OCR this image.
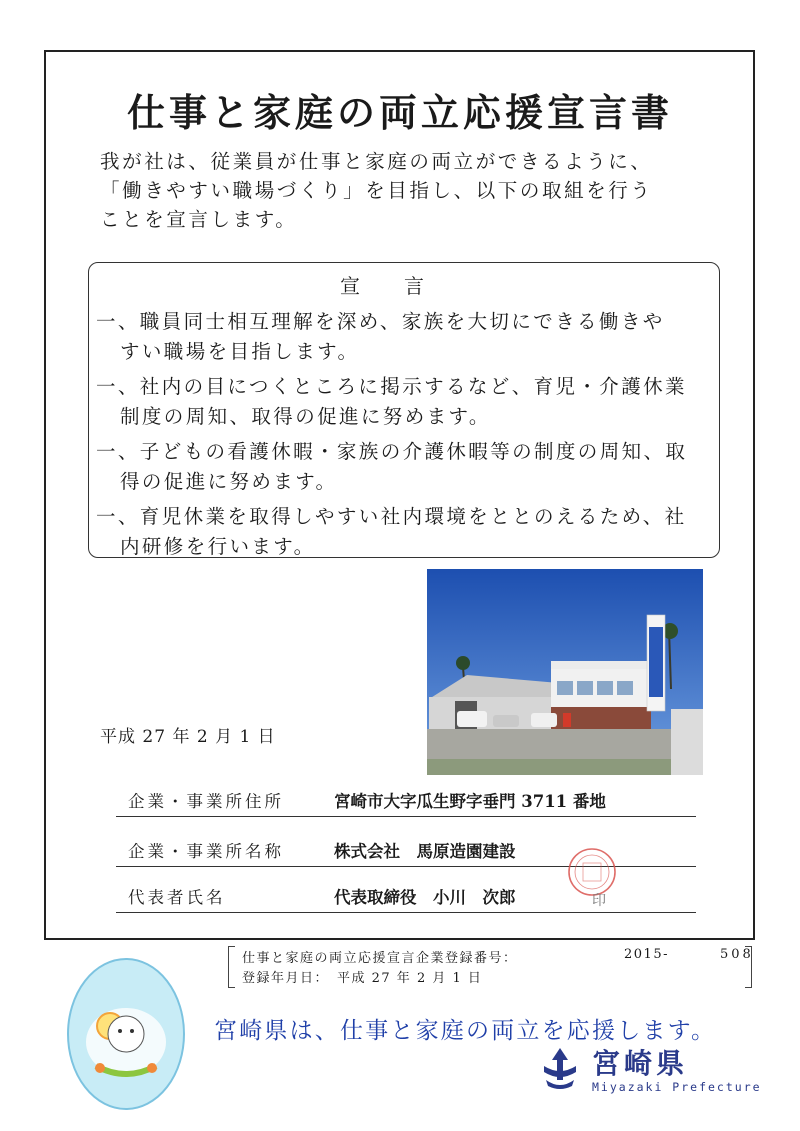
仕事と家庭の両立応援宣言書
我が社は、従業員が仕事と家庭の両立ができるように、
「働きやすい職場づくり」を目指し、以下の取組を行う
ことを宣言します。
宣言
一、職員同士相互理解を深め、家族を大切にできる働きや
すい職場を目指します。
一、社内の目につくところに掲示するなど、育児・介護休業
制度の周知、取得の促進に努めます。
一、子どもの看護休暇・家族の介護休暇等の制度の周知、取
得の促進に努めます。
一、育児休業を取得しやすい社内環境をととのえるため、社
内研修を行います。
平成 27 年 2 月 1 日
企業・事業所住所	宮崎市大字瓜生野字垂門 3711 番地
企業・事業所名称	株式会社　馬原造園建設
代表者氏名	代表取締役　小川　次郎	印
仕事と家庭の両立応援宣言企業登録番号：	2015-	508
登録年月日：　平成 27 年 2 月 1 日
宮崎県は、仕事と家庭の両立を応援します。
宮崎県
Miyazaki Prefecture
